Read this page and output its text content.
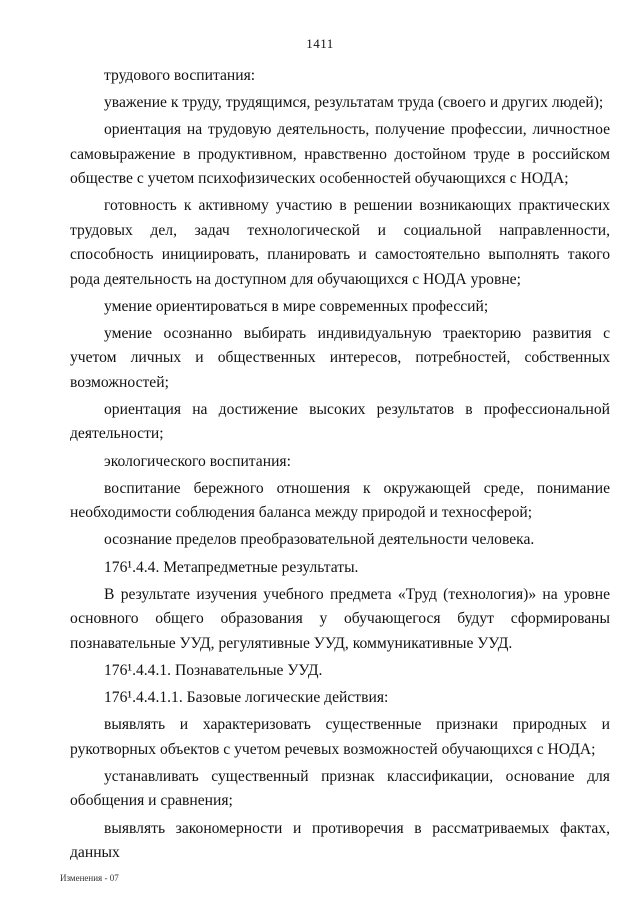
1411

трудового воспитания:

уважение к труду, трудящимся, результатам труда (своего и других людей);

ориентация на трудовую деятельность, получение профессии, личностное самовыражение в продуктивном, нравственно достойном труде в российском обществе с учетом психофизических особенностей обучающихся с НОДА;

готовность к активному участию в решении возникающих практических трудовых дел, задач технологической и социальной направленности, способность инициировать, планировать и самостоятельно выполнять такого рода деятельность на доступном для обучающихся с НОДА уровне;

умение ориентироваться в мире современных профессий;

умение осознанно выбирать индивидуальную траекторию развития с учетом личных и общественных интересов, потребностей, собственных возможностей;

ориентация на достижение высоких результатов в профессиональной деятельности;

экологического воспитания:

воспитание бережного отношения к окружающей среде, понимание необходимости соблюдения баланса между природой и техносферой;

осознание пределов преобразовательной деятельности человека.

176¹.4.4. Метапредметные результаты.

В результате изучения учебного предмета «Труд (технология)» на уровне основного общего образования у обучающегося будут сформированы познавательные УУД, регулятивные УУД, коммуникативные УУД.

176¹.4.4.1. Познавательные УУД.

176¹.4.4.1.1. Базовые логические действия:

выявлять и характеризовать существенные признаки природных и рукотворных объектов с учетом речевых возможностей обучающихся с НОДА;

устанавливать существенный признак классификации, основание для обобщения и сравнения;

выявлять закономерности и противоречия в рассматриваемых фактах, данных

Изменения - 07
